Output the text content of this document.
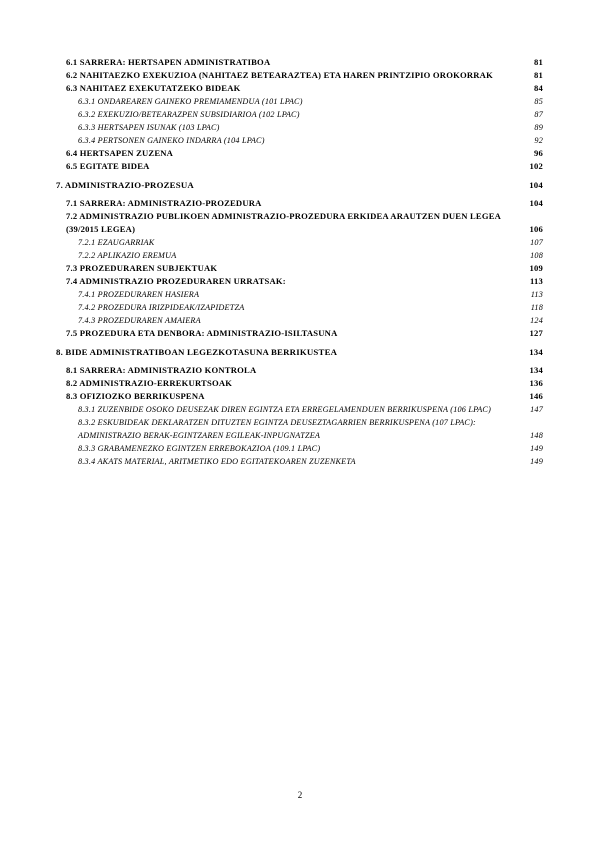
6.1 SARRERA: HERTSAPEN ADMINISTRATIBOA	81
6.2 NAHITAEZKO EXEKUZIOA (NAHITAEZ BETEARAZTEA) ETA HAREN PRINTZIPIO OROKORRAK	81
6.3 NAHITAEZ EXEKUTATZEKO BIDEAK	84
6.3.1 ONDAREAREN GAINEKO PREMIAMENDUA (101 LPAC)	85
6.3.2 EXEKUZIO/BETEARAZPEN SUBSIDIARIOA (102 LPAC)	87
6.3.3 HERTSAPEN ISUNAK (103 LPAC)	89
6.3.4 PERTSONEN GAINEKO INDARRA (104 LPAC)	92
6.4 HERTSAPEN ZUZENA	96
6.5 EGITATE BIDEA	102
7. ADMINISTRAZIO-PROZESUA	104
7.1 SARRERA: ADMINISTRAZIO-PROZEDURA	104
7.2 ADMINISTRAZIO PUBLIKOEN ADMINISTRAZIO-PROZEDURA ERKIDEA ARAUTZEN DUEN LEGEA (39/2015 LEGEA)	106
7.2.1 EZAUGARRIAK	107
7.2.2 APLIKAZIO EREMUA	108
7.3 PROZEDURAREN SUBJEKTUAK	109
7.4 ADMINISTRAZIO PROZEDURAREN URRATSAK:	113
7.4.1 PROZEDURAREN HASIERA	113
7.4.2 PROZEDURA IRIZPIDEAK/IZAPIDETZA	118
7.4.3 PROZEDURAREN AMAIERA	124
7.5 PROZEDURA ETA DENBORA: ADMINISTRAZIO-ISILTASUNA	127
8. BIDE ADMINISTRATIBOAN LEGEZKOTASUNA BERRIKUSTEA	134
8.1 SARRERA: ADMINISTRAZIO KONTROLA	134
8.2 ADMINISTRAZIO-ERREKURTSOAK	136
8.3 OFIZIOZKO BERRIKUSPENA	146
8.3.1 ZUZENBIDE OSOKO DEUSEZAK DIREN EGINTZA ETA ERREGELAMENDUEN BERRIKUSPENA (106 LPAC)	147
8.3.2 ESKUBIDEAK DEKLARATZEN DITUZTEN EGINTZA DEUSEZTAGARRIEN BERRIKUSPENA (107 LPAC): ADMINISTRAZIO BERAK-EGINTZAREN EGILEAK-INPUGNATZEA	148
8.3.3 GRABAMENEZKO EGINTZEN ERREBOKAZIOA (109.1 LPAC)	149
8.3.4 AKATS MATERIAL, ARITMETIKO EDO EGITATEKOAREN ZUZENKETA	149
2
